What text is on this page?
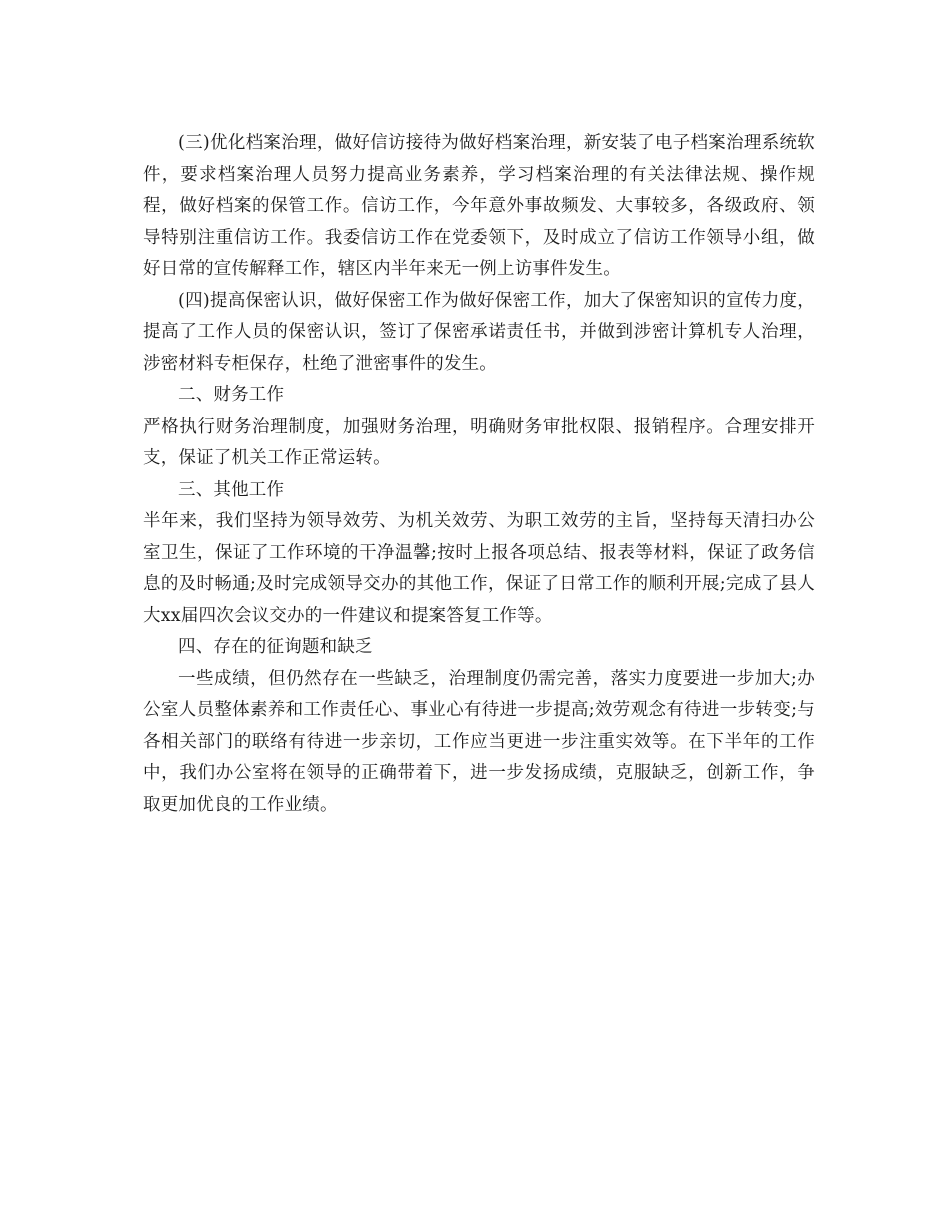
(三)优化档案治理，做好信访接待为做好档案治理，新安装了电子档案治理系统软件，要求档案治理人员努力提高业务素养，学习档案治理的有关法律法规、操作规程，做好档案的保管工作。信访工作，今年意外事故频发、大事较多，各级政府、领导特别注重信访工作。我委信访工作在党委领下，及时成立了信访工作领导小组，做好日常的宣传解释工作，辖区内半年来无一例上访事件发生。

(四)提高保密认识，做好保密工作为做好保密工作，加大了保密知识的宣传力度，提高了工作人员的保密认识，签订了保密承诺责任书，并做到涉密计算机专人治理，涉密材料专柜保存，杜绝了泄密事件的发生。

二、财务工作

严格执行财务治理制度，加强财务治理，明确财务审批权限、报销程序。合理安排开支，保证了机关工作正常运转。

三、其他工作

半年来，我们坚持为领导效劳、为机关效劳、为职工效劳的主旨，坚持每天清扫办公室卫生，保证了工作环境的干净温馨;按时上报各项总结、报表等材料，保证了政务信息的及时畅通;及时完成领导交办的其他工作，保证了日常工作的顺利开展;完成了县人大xx届四次会议交办的一件建议和提案答复工作等。

四、存在的征询题和缺乏

一些成绩，但仍然存在一些缺乏，治理制度仍需完善，落实力度要进一步加大;办公室人员整体素养和工作责任心、事业心有待进一步提高;效劳观念有待进一步转变;与各相关部门的联络有待进一步亲切，工作应当更进一步注重实效等。在下半年的工作中，我们办公室将在领导的正确带着下，进一步发扬成绩，克服缺乏，创新工作，争取更加优良的工作业绩。
